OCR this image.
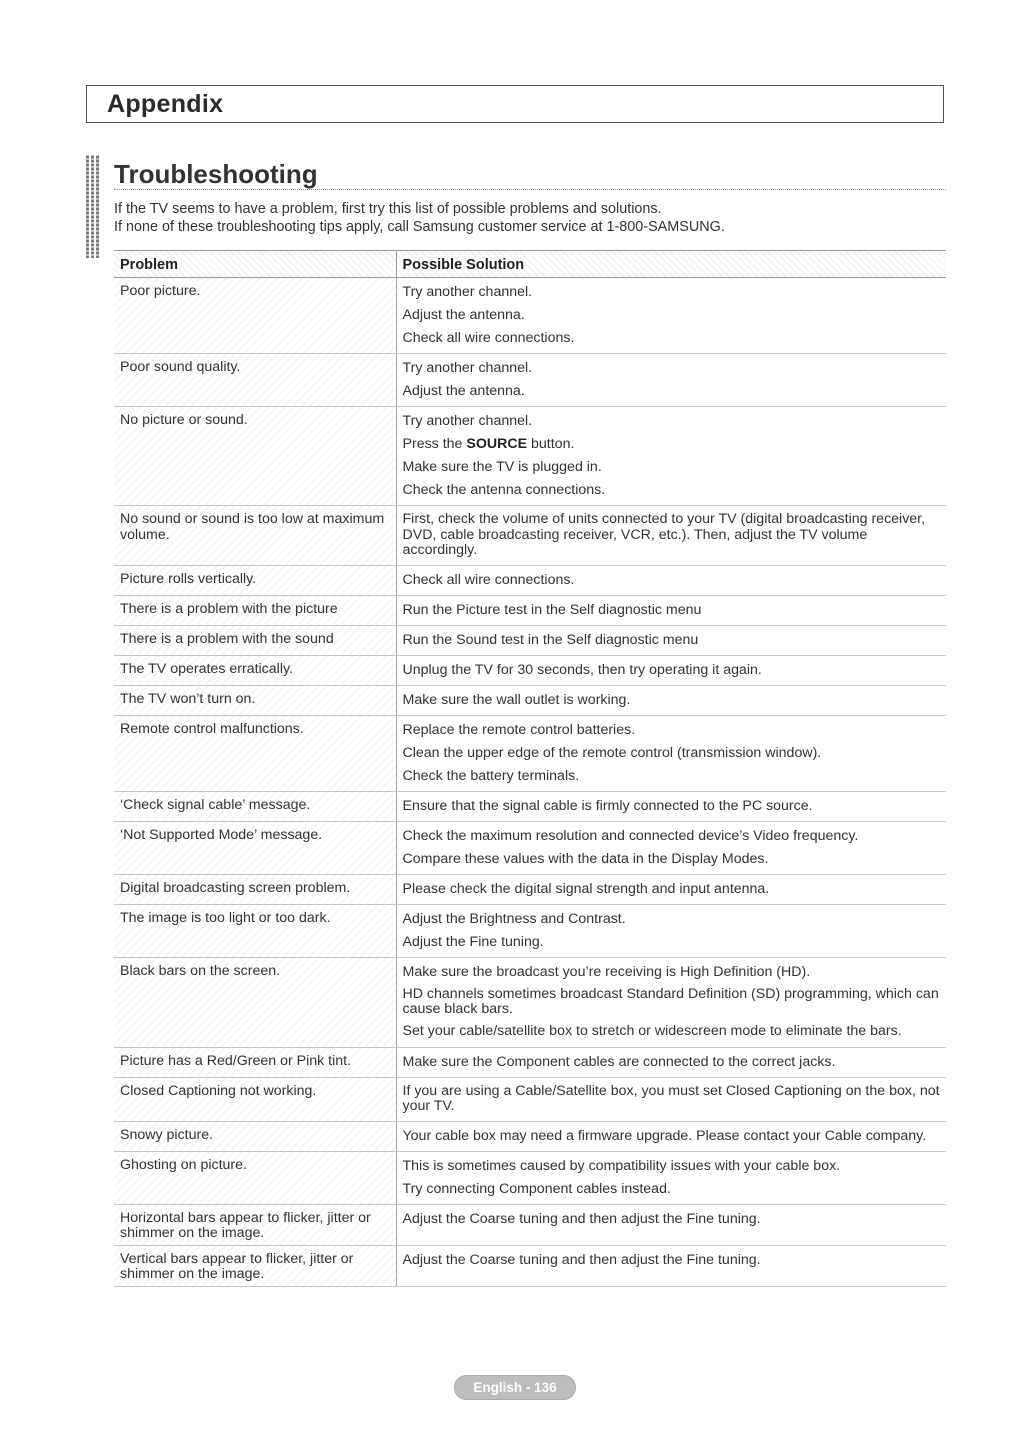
Appendix
Troubleshooting
If the TV seems to have a problem, first try this list of possible problems and solutions.
If none of these troubleshooting tips apply, call Samsung customer service at 1-800-SAMSUNG.
Problem	Possible Solution

Poor picture.	Try another channel.
Adjust the antenna.
Check all wire connections.

Poor sound quality.	Try another channel.
Adjust the antenna.

No picture or sound.	Try another channel.
Press the SOURCE button.
Make sure the TV is plugged in.
Check the antenna connections.

No sound or sound is too low at maximum volume.	First, check the volume of units connected to your TV (digital broadcasting receiver, DVD, cable broadcasting receiver, VCR, etc.). Then, adjust the TV volume accordingly.

Picture rolls vertically.	Check all wire connections.

There is a problem with the picture	Run the Picture test in the Self diagnostic menu

There is a problem with the sound	Run the Sound test in the Self diagnostic menu

The TV operates erratically.	Unplug the TV for 30 seconds, then try operating it again.

The TV won’t turn on.	Make sure the wall outlet is working.

Remote control malfunctions.	Replace the remote control batteries.
Clean the upper edge of the remote control (transmission window).
Check the battery terminals.

‘Check signal cable’ message.	Ensure that the signal cable is firmly connected to the PC source.

‘Not Supported Mode’ message.	Check the maximum resolution and connected device’s Video frequency.
Compare these values with the data in the Display Modes.

Digital broadcasting screen problem.	Please check the digital signal strength and input antenna.

The image is too light or too dark.	Adjust the Brightness and Contrast.
Adjust the Fine tuning.

Black bars on the screen.	Make sure the broadcast you’re receiving is High Definition (HD).
HD channels sometimes broadcast Standard Definition (SD) programming, which can cause black bars.
Set your cable/satellite box to stretch or widescreen mode to eliminate the bars.

Picture has a Red/Green or Pink tint.	Make sure the Component cables are connected to the correct jacks.

Closed Captioning not working.	If you are using a Cable/Satellite box, you must set Closed Captioning on the box, not your TV.

Snowy picture.	Your cable box may need a firmware upgrade. Please contact your Cable company.

Ghosting on picture.	This is sometimes caused by compatibility issues with your cable box.
Try connecting Component cables instead.

Horizontal bars appear to flicker, jitter or shimmer on the image.	Adjust the Coarse tuning and then adjust the Fine tuning.

Vertical bars appear to flicker, jitter or shimmer on the image.	Adjust the Coarse tuning and then adjust the Fine tuning.
English - 136
